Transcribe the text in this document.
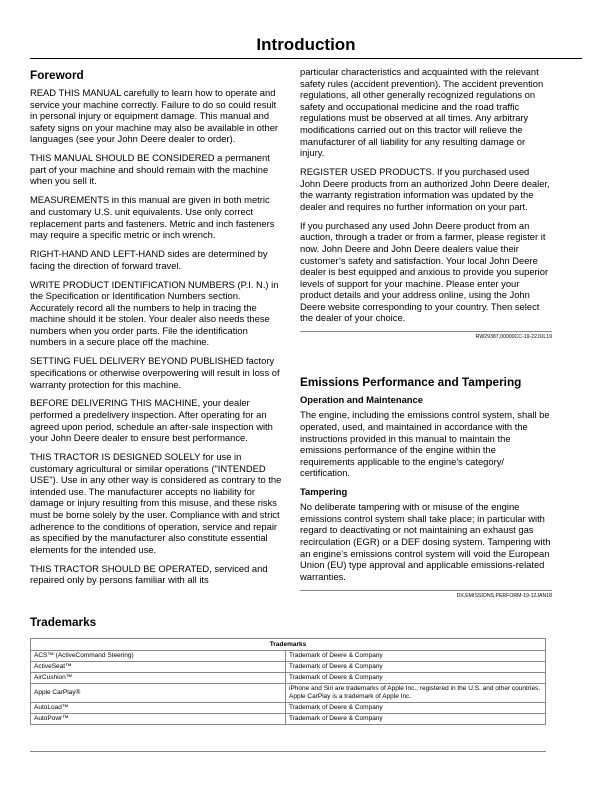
Introduction
Foreword

READ THIS MANUAL carefully to learn how to operate and service your machine correctly. Failure to do so could result in personal injury or equipment damage. This manual and safety signs on your machine may also be available in other languages (see your John Deere dealer to order).

THIS MANUAL SHOULD BE CONSIDERED a permanent part of your machine and should remain with the machine when you sell it.

MEASUREMENTS in this manual are given in both metric and customary U.S. unit equivalents. Use only correct replacement parts and fasteners. Metric and inch fasteners may require a specific metric or inch wrench.

RIGHT-HAND AND LEFT-HAND sides are determined by facing the direction of forward travel.

WRITE PRODUCT IDENTIFICATION NUMBERS (P.I. N.) in the Specification or Identification Numbers section. Accurately record all the numbers to help in tracing the machine should it be stolen. Your dealer also needs these numbers when you order parts. File the identification numbers in a secure place off the machine.

SETTING FUEL DELIVERY BEYOND PUBLISHED factory specifications or otherwise overpowering will result in loss of warranty protection for this machine.

BEFORE DELIVERING THIS MACHINE, your dealer performed a predelivery inspection. After operating for an agreed upon period, schedule an after-sale inspection with your John Deere dealer to ensure best performance.

THIS TRACTOR IS DESIGNED SOLELY for use in customary agricultural or similar operations ("INTENDED USE"). Use in any other way is considered as contrary to the intended use. The manufacturer accepts no liability for damage or injury resulting from this misuse, and these risks must be borne solely by the user. Compliance with and strict adherence to the conditions of operation, service and repair as specified by the manufacturer also constitute essential elements for the intended use.

THIS TRACTOR SHOULD BE OPERATED, serviced and repaired only by persons familiar with all its

particular characteristics and acquainted with the relevant safety rules (accident prevention). The accident prevention regulations, all other generally recognized regulations on safety and occupational medicine and the road traffic regulations must be observed at all times. Any arbitrary modifications carried out on this tractor will relieve the manufacturer of all liability for any resulting damage or injury.

REGISTER USED PRODUCTS. If you purchased used John Deere products from an authorized John Deere dealer, the warranty registration information was updated by the dealer and requires no further information on your part.

If you purchased any used John Deere product from an auction, through a trader or from a farmer, please register it now. John Deere and John Deere dealers value their customer’s safety and satisfaction. Your local John Deere dealer is best equipped and anxious to provide you superior levels of support for your machine. Please enter your product details and your address online, using the John Deere website corresponding to your country. Then select the dealer of your choice.

RW29387,00000CC-19-22JUL19
Emissions Performance and Tampering
Operation and Maintenance

The engine, including the emissions control system, shall be operated, used, and maintained in accordance with the instructions provided in this manual to maintain the emissions performance of the engine within the requirements applicable to the engine's category/ certification.

Tampering

No deliberate tampering with or misuse of the engine emissions control system shall take place; in particular with regard to deactivating or not maintaining an exhaust gas recirculation (EGR) or a DEF dosing system. Tampering with an engine’s emissions control system will void the European Union (EU) type approval and applicable emissions-related warranties.

DX,EMISSIONS,PERFORM-19-12JAN18
Trademarks
Trademarks	
ACS™ (ActiveCommand Steering)	Trademark of Deere & Company
ActiveSeat™	Trademark of Deere & Company
AirCushion™	Trademark of Deere & Company
Apple CarPlay®	iPhone and Siri are trademarks of Apple Inc., registered in the U.S. and other countries. Apple CarPlay is a trademark of Apple Inc.
AutoLoad™	Trademark of Deere & Company
AutoPowr™	Trademark of Deere & Company
